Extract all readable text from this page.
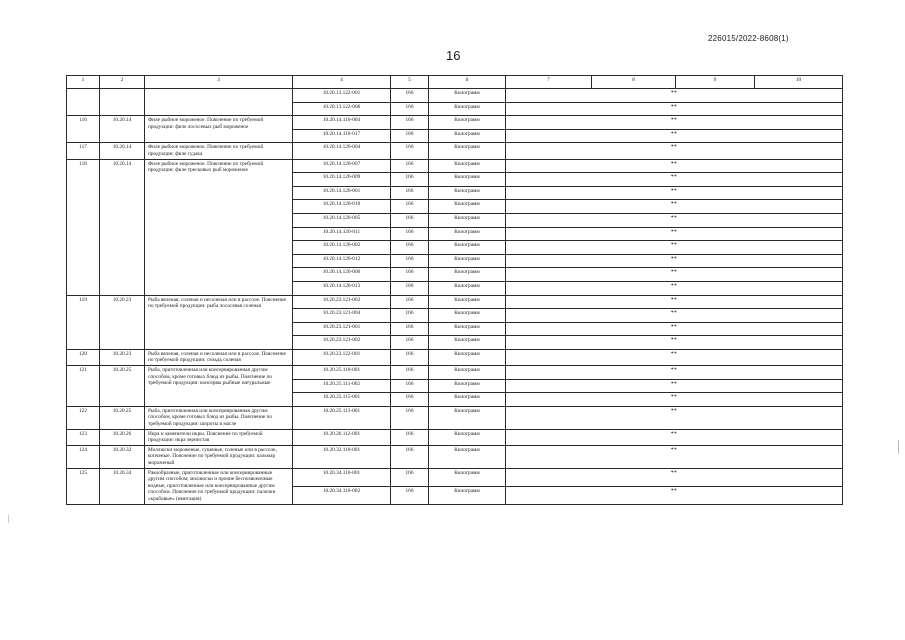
226015/2022-8608(1)
16
1	2	3	4	5	6	7	8	9	10
			10.20.13.122-001	166	Килограмм	**			
			10.20.13.122-006	166	Килограмм	**			
116	10.20.14	Филе рыбное мороженое. Пояснение по требуемой продукции: филе лососевых рыб мороженое	10.20.14.110-004	166	Килограмм	**			
			10.20.14.110-017	166	Килограмм	**			
117	10.20.14	Филе рыбное мороженое. Пояснение по требуемой продукции: филе судака	10.20.14.120-004	166	Килограмм	**			
118	10.20.14	Филе рыбное мороженое. Пояснение по требуемой продукции: филе тресковых рыб мороженое	10.20.14.120-007	166	Килограмм	**			
			10.20.14.120-009	166	Килограмм	**			
			10.20.14.120-001	166	Килограмм	**			
			10.20.14.120-010	166	Килограмм	**			
			10.20.14.120-005	166	Килограмм	**			
			10.20.14.120-011	166	Килограмм	**			
			10.20.14.120-002	166	Килограмм	**			
			10.20.14.120-012	166	Килограмм	**			
			10.20.14.120-006	166	Килограмм	**			
			10.20.14.120-013	166	Килограмм	**			
119	10.20.23	Рыба вяленая, соленая и несоленая или в рассоле. Пояснение по требуемой продукции: рыба лососевая соленая	10.20.23.121-003	166	Килограмм	**			
			10.20.23.121-004	166	Килограмм	**			
			10.20.23.121-001	166	Килограмм	**			
			10.20.23.121-002	166	Килограмм	**			
120	10.20.23	Рыба вяленая, соленая и несоленая или в рассоле. Пояснение по требуемой продукции: сельдь соленая	10.20.23.122-001	166	Килограмм	**			
121	10.20.25	Рыба, приготовленная или консервированная другим способом, кроме готовых блюд из рыбы. Пояснение по требуемой продукции: консервы рыбные натуральные	10.20.25.110-001	166	Килограмм	**			
			10.20.25.111-002	166	Килограмм	**			
			10.20.25.115-001	166	Килограмм	**			
122	10.20.25	Рыба, приготовленная или консервированная другим способом, кроме готовых блюд из рыбы. Пояснение по требуемой продукции: шпроты в масле	10.20.25.113-001	166	Килограмм	**			
123	10.20.26	Икра и заменители икры. Пояснение по требуемой продукции: икра зернистая	10.20.26.112-001	166	Килограмм	**			
124	10.20.32	Моллюски мороженые, сушеные, соленые или в рассоле, копченые. Пояснение по требуемой продукции: кальмар мороженый	10.20.32.110-001	166	Килограмм	**			
125	10.20.34	Ракообразные, приготовленные или консервированные другим способом; моллюски и прочие беспозвоночные водные, приготовленные или консервированные другим способом. Пояснение по требуемой продукции: палочки «крабовые» (имитация)	10.20.34.110-001	166	Килограмм	**			
			10.20.34.110-002	166	Килограмм	**			
